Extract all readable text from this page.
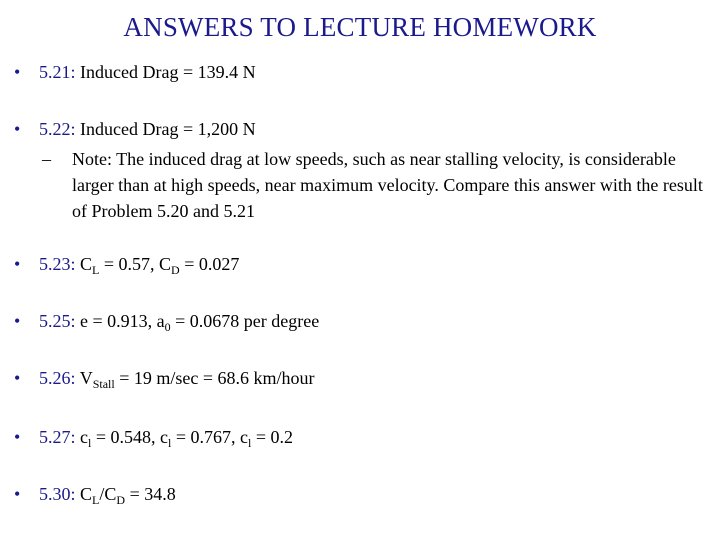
ANSWERS TO LECTURE HOMEWORK
• 5.21: Induced Drag = 139.4 N
• 5.22: Induced Drag = 1,200 N
– Note: The induced drag at low speeds, such as near stalling velocity, is considerable larger than at high speeds, near maximum velocity. Compare this answer with the result of Problem 5.20 and 5.21
• 5.23: $C_L = 0.57$, $C_D = 0.027$
• 5.25: e = 0.913, $a_0 = 0.0678$ per degree
• 5.26: $V_{Stall} = 19$ m/sec = 68.6 km/hour
• 5.27: $c_l = 0.548$, $c_l = 0.767$, $c_l = 0.2$
• 5.30: $C_L/C_D = 34.8$
